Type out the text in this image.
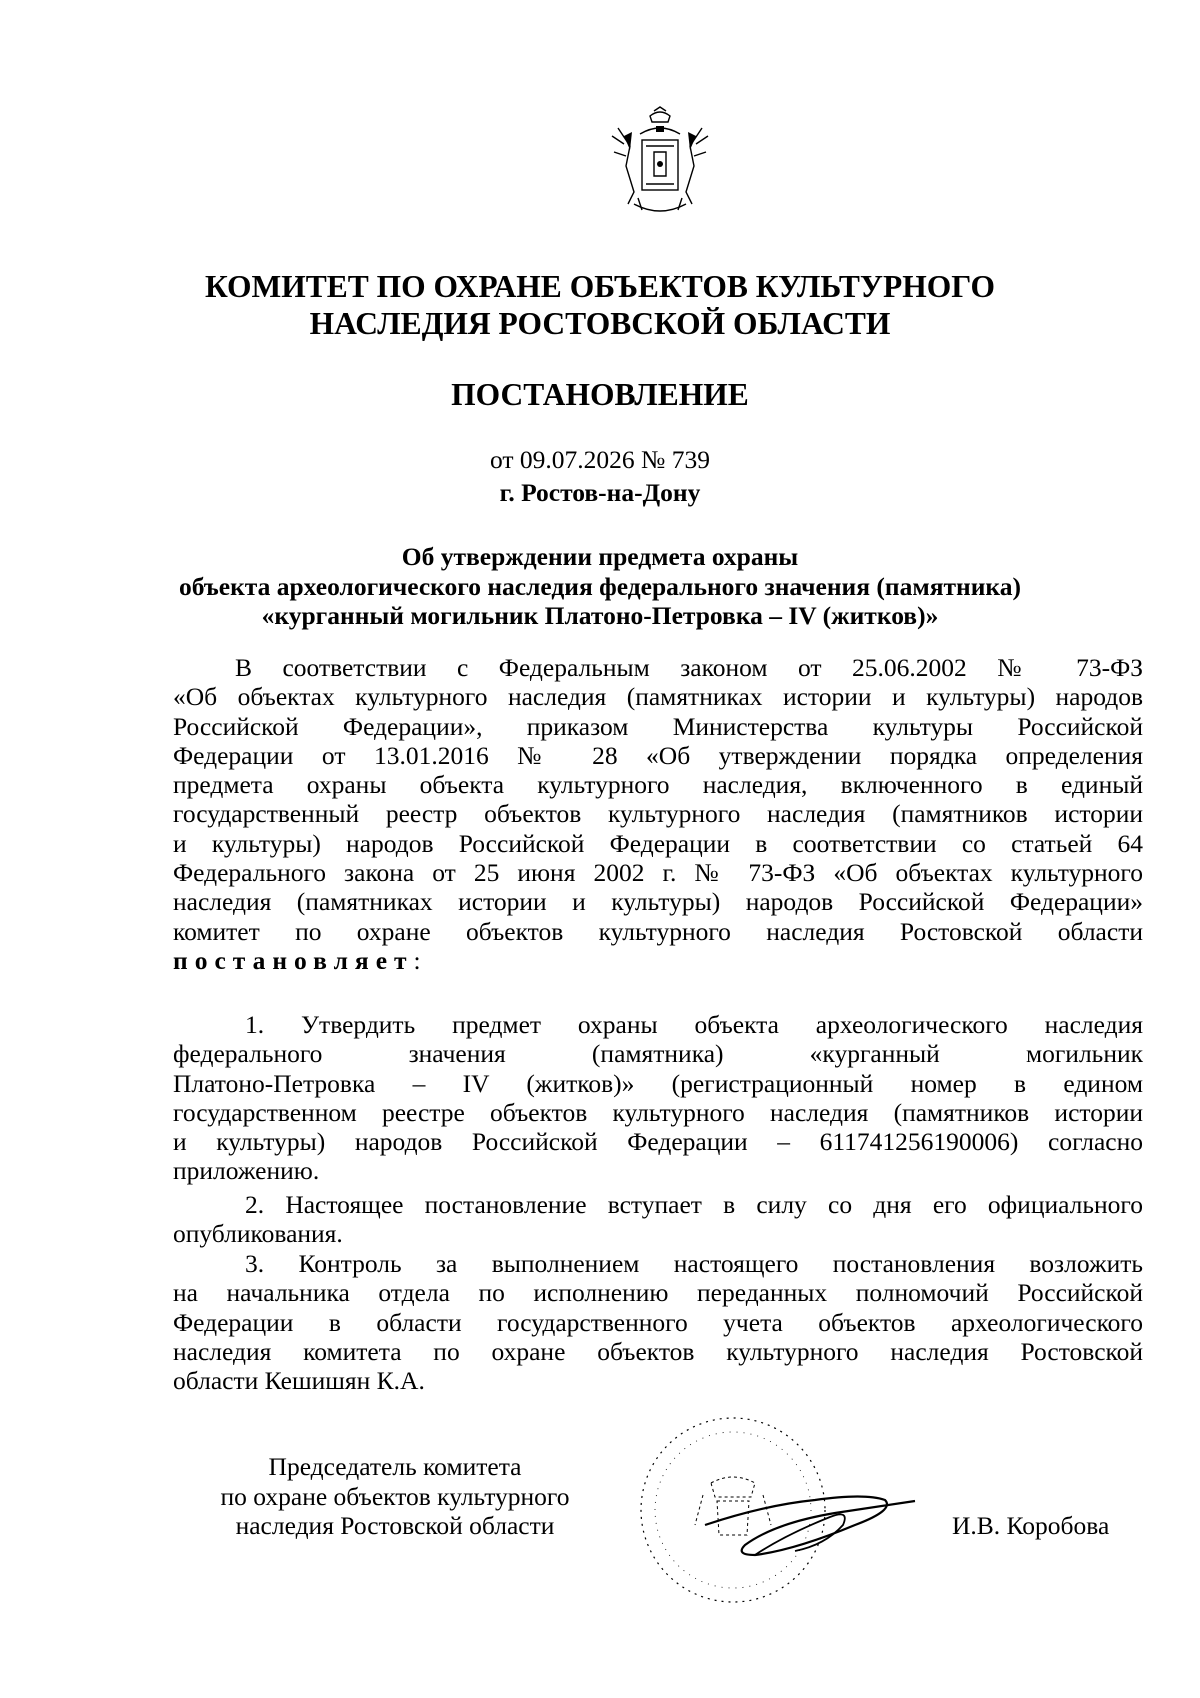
КОМИТЕТ ПО ОХРАНЕ ОБЪЕКТОВ КУЛЬТУРНОГО
НАСЛЕДИЯ РОСТОВСКОЙ ОБЛАСТИ
ПОСТАНОВЛЕНИЕ
от 09.07.2026 № 739
г. Ростов-на-Дону
Об утверждении предмета охраны
объекта археологического наследия федерального значения (памятника)
«курганный могильник Платоно-Петровка – IV (житков)»
В соответствии с Федеральным законом от 25.06.2002 № 73-ФЗ
«Об объектах культурного наследия (памятниках истории и культуры) народов
Российской Федерации», приказом Министерства культуры Российской
Федерации от 13.01.2016 № 28 «Об утверждении порядка определения
предмета охраны объекта культурного наследия, включенного в единый
государственный реестр объектов культурного наследия (памятников истории
и культуры) народов Российской Федерации в соответствии со статьей 64
Федерального закона от 25 июня 2002 г. № 73-ФЗ «Об объектах культурного
наследия (памятниках истории и культуры) народов Российской Федерации»
комитет по охране объектов культурного наследия Ростовской области
постановляет:
1. Утвердить предмет охраны объекта археологического наследия
федерального значения (памятника) «курганный могильник
Платоно-Петровка – IV (житков)» (регистрационный номер в едином
государственном реестре объектов культурного наследия (памятников истории
и культуры) народов Российской Федерации – 611741256190006) согласно
приложению.
2. Настоящее постановление вступает в силу со дня его официального
опубликования.
3. Контроль за выполнением настоящего постановления возложить
на начальника отдела по исполнению переданных полномочий Российской
Федерации в области государственного учета объектов археологического
наследия комитета по охране объектов культурного наследия Ростовской
области Кешишян К.А.
Председатель комитета
по охране объектов культурного
наследия Ростовской области	И.В. Коробова
